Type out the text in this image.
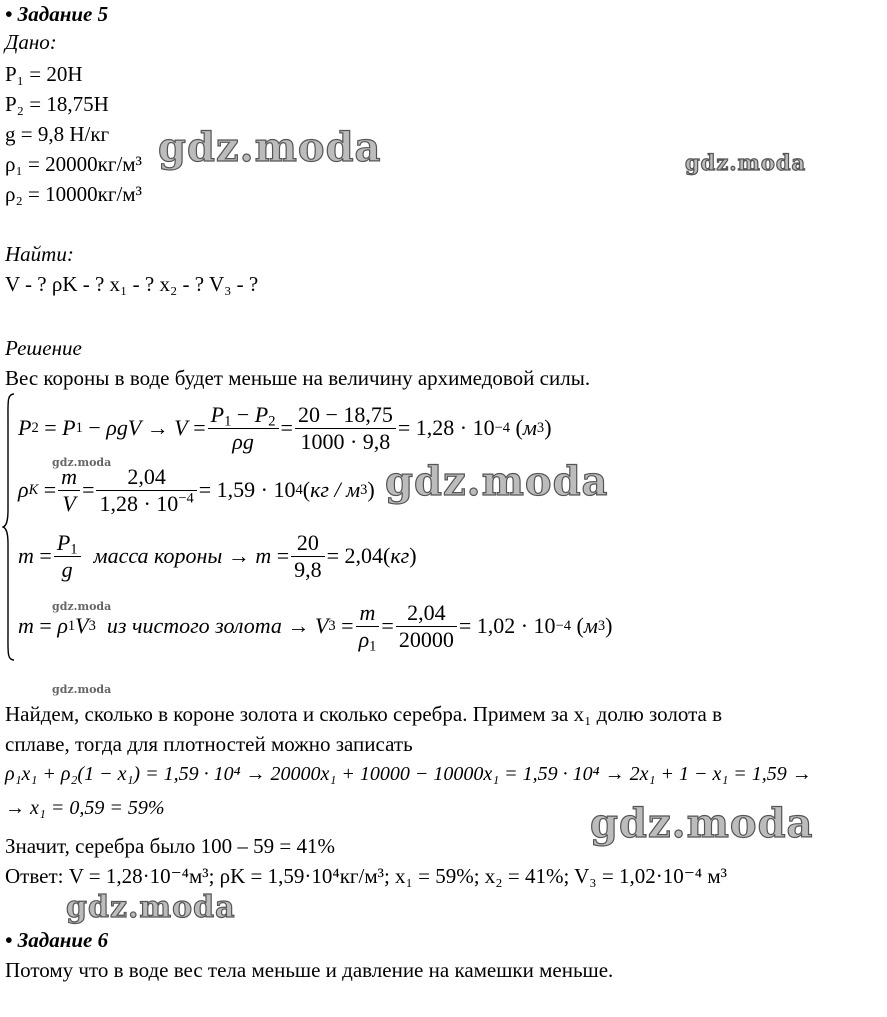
• Задание 5
Дано:
P₁ = 20Н
P₂ = 18,75Н
g = 9,8 Н/кг
ρ₁ = 20000кг/м³
ρ₂ = 10000кг/м³
Найти:
V - ? ρK - ? x₁ - ? x₂ - ? V₃ - ?
Решение
Вес короны в воде будет меньше на величину архимедовой силы.
P 2 = P $1 - \rho gV \to V = \frac{P_1 - P_2}{\rho g} = \frac{20 - 18,75}{1000 \cdot 9,8} = 1,28 \cdot 10 -4$ ( м 3 )
ρ $K = \frac{m}{V} = \frac{2,04}{1,28 \cdot 10^{-4}} = 1,59 \cdot 10$ 4 ( кг / м 3 )
$m = \frac{P_1}{g}$
масса короны → $m = \frac{20}{9,8} = 2,04$ ( кг )
m = ρ 1 V 3
из чистого золота → V $3 = \frac{m}{\rho_1} = \frac{2,04}{20000} = 1,02 \cdot 10 -4$ ( м 3 )
Найдем, сколько в короне золота и сколько серебра. Примем за x₁ долю золота в
сплаве, тогда для плотностей можно записать
ρ₁x₁ + ρ₂(1 − x₁) = 1,59 · 10⁴ → 20000x₁ + 10000 − 10000x₁ = 1,59 · 10⁴ → 2x₁ + 1 − x₁ = 1,59 →
→ x₁ = 0,59 = 59%
Значит, серебра было 100 – 59 = 41%
Ответ: V = 1,28·10⁻⁴м³; ρK = 1,59·10⁴кг/м³; x₁ = 59%; x₂ = 41%; V₃ = 1,02·10⁻⁴ м³
• Задание 6
Потому что в воде вес тела меньше и давление на камешки меньше.
gdz.moda	gdz.moda
gdz.moda
gdz.moda
gdz.moda
gdz.moda
gdz.moda
gdz.moda
